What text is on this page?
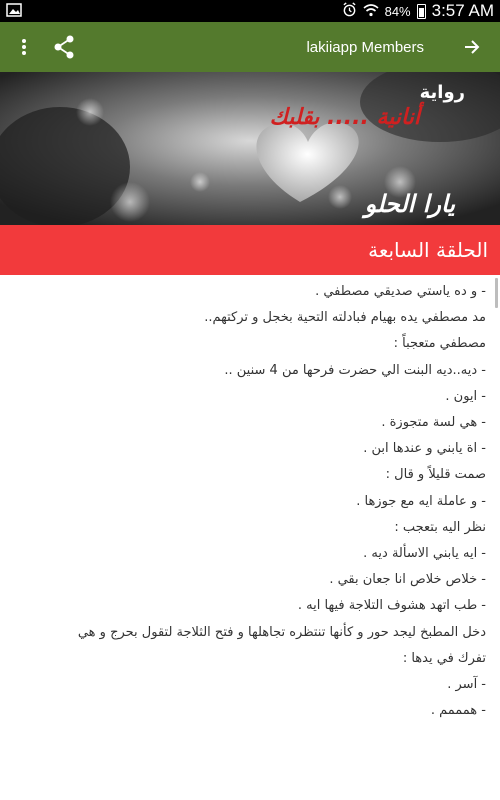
84% 3:57 AM
lakiiapp Members
رواية
أنانية ..... بقلبك
يارا الحلو
الحلقة السابعة
- و ده ياستي صديقي مصطفي .
مد مصطفي يده بهيام فبادلته التحية بخجل و تركتهم..
مصطفي متعجباً :
- ديه..ديه البنت الي حضرت فرحها من 4 سنين ..
- ايون .
- هي لسة متجوزة .
- اة يابني و عندها ابن .
صمت قليلاً و قال :
- و عاملة ايه مع جوزها .
نظر اليه بتعجب :
- ايه يابني الاسألة ديه .
- خلاص خلاص انا جعان بقي .
- طب اتهد هشوف التلاجة فيها ايه .
دخل المطبخ ليجد حور و كأنها تنتظره تجاهلها و فتح الثلاجة لتقول بحرج و هي
تفرك في يدها :
- آسر .
- همممم .
